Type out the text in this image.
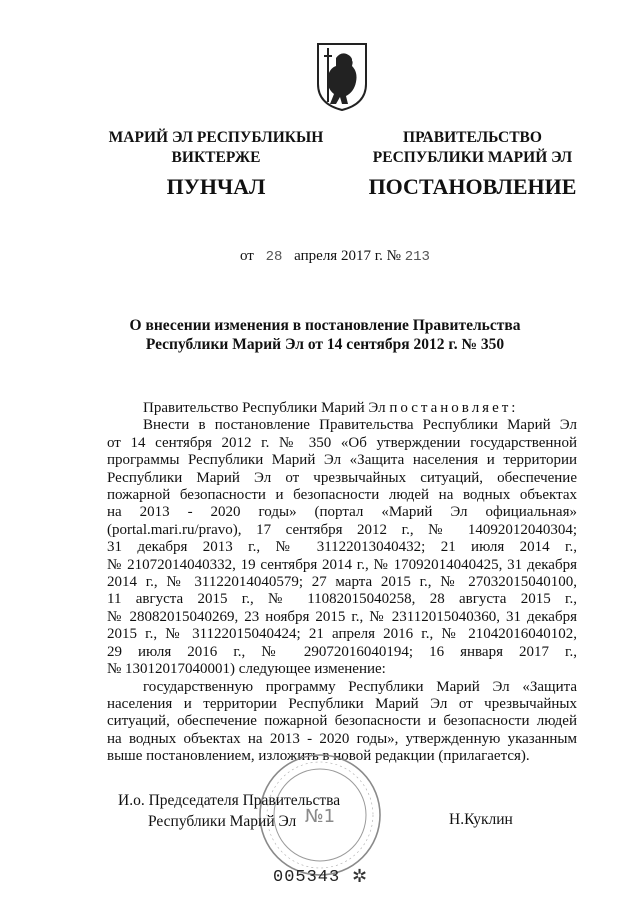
МАРИЙ ЭЛ РЕСПУБЛИКЫН
ВИКТЕРЖЕ
ПРАВИТЕЛЬСТВО
РЕСПУБЛИКИ МАРИЙ ЭЛ
ПУНЧАЛ	ПОСТАНОВЛЕНИЕ
от 28 апреля 2017 г. № 213
О внесении изменения в постановление Правительства
Республики Марий Эл от 14 сентября 2012 г. № 350

Правительство Республики Марий Эл постановляет:

Внести в постановление Правительства Республики Марий Эл

от 14 сентября 2012 г. № 350 «Об утверждении государственной

программы Республики Марий Эл «Защита населения и территории

Республики Марий Эл от чрезвычайных ситуаций, обеспечение

пожарной безопасности и безопасности людей на водных объектах

на 2013 - 2020 годы» (портал «Марий Эл официальная»

(portal.mari.ru/pravo), 17 сентября 2012 г., № 14092012040304;

31 декабря 2013 г., № 31122013040432; 21 июля 2014 г.,

№ 21072014040332, 19 сентября 2014 г., № 17092014040425, 31 декабря

2014 г., № 31122014040579; 27 марта 2015 г., № 27032015040100,

11 августа 2015 г., № 11082015040258, 28 августа 2015 г.,

№ 28082015040269, 23 ноября 2015 г., № 23112015040360, 31 декабря

2015 г., № 31122015040424; 21 апреля 2016 г., № 21042016040102,

29 июля 2016 г., № 29072016040194; 16 января 2017 г.,

№ 13012017040001) следующее изменение:

государственную программу Республики Марий Эл «Защита

населения и территории Республики Марий Эл от чрезвычайных

ситуаций, обеспечение пожарной безопасности и безопасности людей

на водных объектах на 2013 - 2020 годы», утвержденную указанным

выше постановлением, изложить в новой редакции (прилагается).

№1
И.о. Председателя Правительства
Республики Марий Эл	Н.Куклин
005343 ✲
